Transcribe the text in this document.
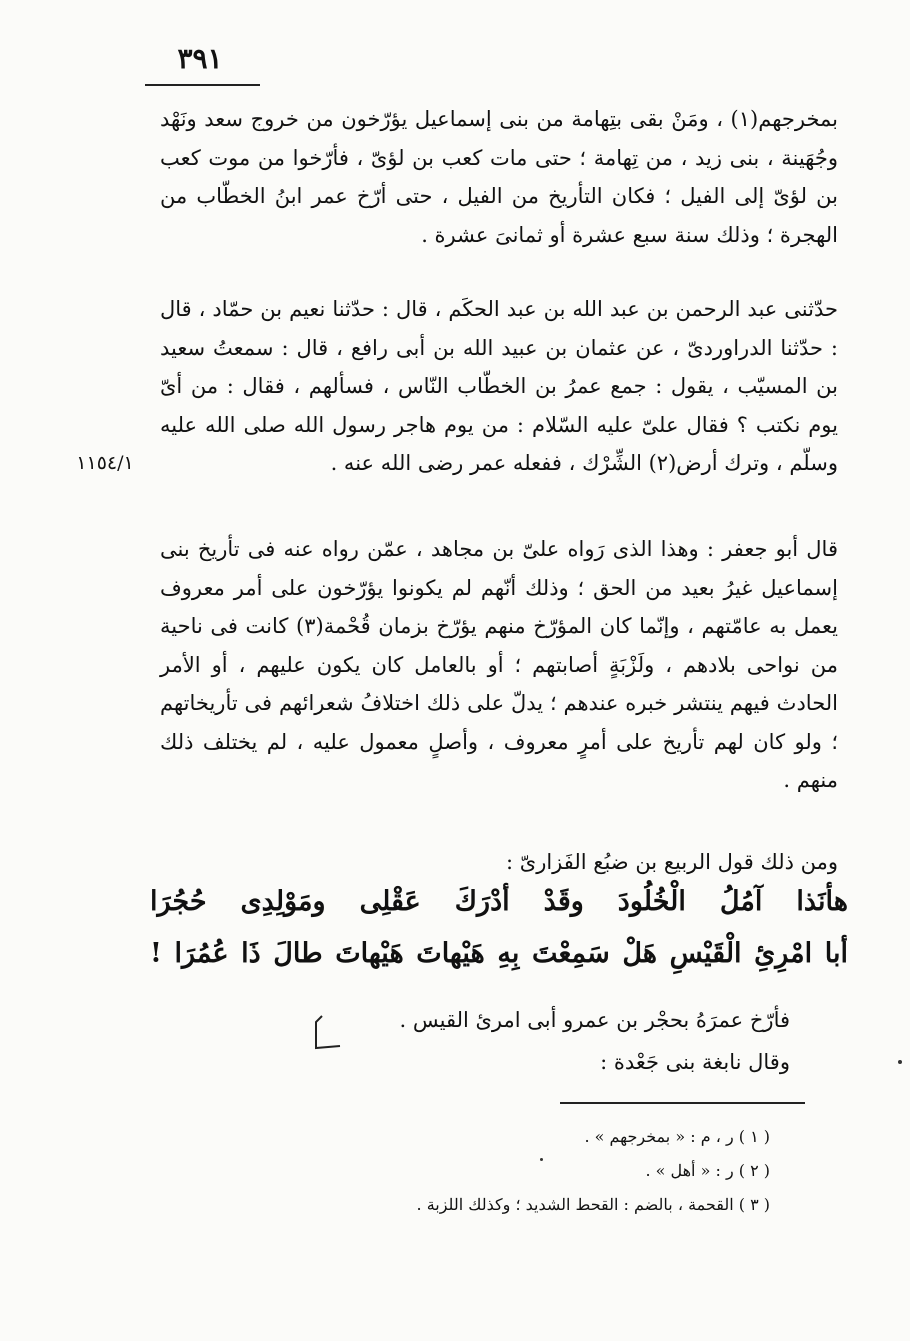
٣٩١
١١٥٤/١

بمخرجهم(١) ، ومَنْ بقى بتِهامة من بنى إسماعيل يؤرّخون من خروج سعد ونَهْد وجُهَينة ، بنى زيد ، من تِهامة ؛ حتى مات كعب بن لؤىّ ، فأرّخوا من موت كعب بن لؤىّ إلى الفيل ؛ فكان التأريخ من الفيل ، حتى أرّخ عمر ابنُ الخطّاب من الهجرة ؛ وذلك سنة سبع عشرة أو ثمانىَ عشرة .

حدّثنى عبد الرحمن بن عبد الله بن عبد الحكَم ، قال : حدّثنا نعيم بن حمّاد ، قال : حدّثنا الدراوردىّ ، عن عثمان بن عبيد الله بن أبى رافع ، قال : سمعتُ سعيد بن المسيّب ، يقول : جمع عمرُ بن الخطّاب النّاس ، فسألهم ، فقال : من أىّ يوم نكتب ؟ فقال علىّ عليه السّلام : من يوم هاجر رسول الله صلى الله عليه وسلّم ، وترك أرض(٢) الشِّرْك ، ففعله عمر رضى الله عنه .

قال أبو جعفر : وهذا الذى رَواه علىّ بن مجاهد ، عمّن رواه عنه فى تأريخ بنى إسماعيل غيرُ بعيد من الحق ؛ وذلك أنّهم لم يكونوا يؤرّخون على أمر معروف يعمل به عامّتهم ، وإنّما كان المؤرّخ منهم يؤرّخ بزمان قُحْمة(٣) كانت فى ناحية من نواحى بلادهم ، ولَزْبَةٍ أصابتهم ؛ أو بالعامل كان يكون عليهم ، أو الأمر الحادث فيهم ينتشر خبره عندهم ؛ يدلّ على ذلك اختلافُ شعرائهم فى تأريخاتهم ؛ ولو كان لهم تأريخ على أمرٍ معروف ، وأصلٍ معمول عليه ، لم يختلف ذلك منهم .

ومن ذلك قول الربيع بن ضبُع الفَزارىّ :

هأنَذا آمُلُ الْخُلُودَ وقَدْ أدْرَكَ عَقْلِى ومَوْلِدِى حُجُرَا
أبا امْرِئِ الْقَيْسِ هَلْ سَمِعْتَ بِهِ هَيْهاتَ هَيْهاتَ طالَ ذَا عُمُرَا !
فأرّخ عمرَهُ بحجْر بن عمرو أبى امرئ القيس .
وقال نابغة بنى جَعْدة :
( ١ ) ر ، م : « بمخرجهم » .
( ٢ ) ر : « أهل » .
( ٣ ) القحمة ، بالضم : القحط الشديد ؛ وكذلك اللزبة .
